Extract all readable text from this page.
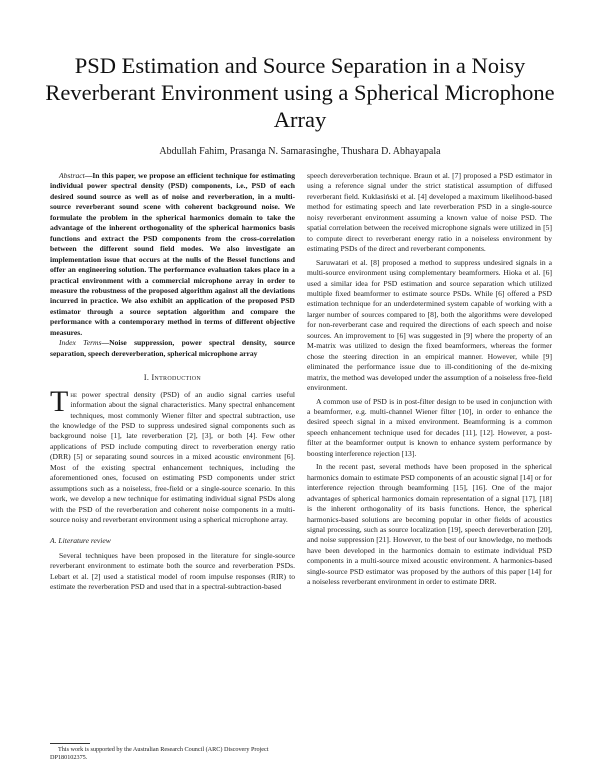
PSD Estimation and Source Separation in a Noisy Reverberant Environment using a Spherical Microphone Array
Abdullah Fahim, Prasanga N. Samarasinghe, Thushara D. Abhayapala

Abstract—In this paper, we propose an efficient technique for estimating individual power spectral density (PSD) components, i.e., PSD of each desired sound source as well as of noise and reverberation, in a multi-source reverberant sound scene with coherent background noise. We formulate the problem in the spherical harmonics domain to take the advantage of the inherent orthogonality of the spherical harmonics basis functions and extract the PSD components from the cross-correlation between the different sound field modes. We also investigate an implementation issue that occurs at the nulls of the Bessel functions and offer an engineering solution. The performance evaluation takes place in a practical environment with a commercial microphone array in order to measure the robustness of the proposed algorithm against all the deviations incurred in practice. We also exhibit an application of the proposed PSD estimator through a source septation algorithm and compare the performance with a contemporary method in terms of different objective measures.

Index Terms—Noise suppression, power spectral density, source separation, speech dereverberation, spherical microphone array

I. Introduction

The power spectral density (PSD) of an audio signal carries useful information about the signal characteristics. Many spectral enhancement techniques, most commonly Wiener filter and spectral subtraction, use the knowledge of the PSD to suppress undesired signal components such as background noise [1], late reverberation [2], [3], or both [4]. Few other applications of PSD include computing direct to reverberation energy ratio (DRR) [5] or separating sound sources in a mixed acoustic environment [6]. Most of the existing spectral enhancement techniques, including the aforementioned ones, focused on estimating PSD components under strict assumptions such as a noiseless, free-field or a single-source scenario. In this work, we develop a new technique for estimating individual signal PSDs along with the PSD of the reverberation and coherent noise components in a multi-source noisy and reverberant environment using a spherical microphone array.

A. Literature review

Several techniques have been proposed in the literature for single-source reverberant environment to estimate both the source and reverberation PSDs. Lebart et al. [2] used a statistical model of room impulse responses (RIR) to estimate the reverberation PSD and used that in a spectral-subtraction-based

speech dereverberation technique. Braun et al. [7] proposed a PSD estimator in using a reference signal under the strict statistical assumption of diffused reverberant field. Kuklasiński et al. [4] developed a maximum likelihood-based method for estimating speech and late reverberation PSD in a single-source noisy reverberant environment assuming a known value of noise PSD. The spatial correlation between the received microphone signals were utilized in [5] to compute direct to reverberant energy ratio in a noiseless environment by estimating PSDs of the direct and reverberant components.

Saruwatari et al. [8] proposed a method to suppress undesired signals in a multi-source environment using complementary beamformers. Hioka et al. [6] used a similar idea for PSD estimation and source separation which utilized multiple fixed beamformer to estimate source PSDs. While [6] offered a PSD estimation technique for an underdetermined system capable of working with a larger number of sources compared to [8], both the algorithms were developed for non-reverberant case and required the directions of each speech and noise sources. An improvement to [6] was suggested in [9] where the property of an M-matrix was utilized to design the fixed beamformers, whereas the former chose the steering direction in an empirical manner. However, while [9] eliminated the performance issue due to ill-conditioning of the de-mixing matrix, the method was developed under the assumption of a noiseless free-field environment.

A common use of PSD is in post-filter design to be used in conjunction with a beamformer, e.g. multi-channel Wiener filter [10], in order to enhance the desired speech signal in a mixed environment. Beamforming is a common speech enhancement technique used for decades [11], [12]. However, a post-filter at the beamformer output is known to enhance system performance by boosting interference rejection [13].

In the recent past, several methods have been proposed in the spherical harmonics domain to estimate PSD components of an acoustic signal [14] or for interference rejection through beamforming [15], [16]. One of the major advantages of spherical harmonics domain representation of a signal [17], [18] is the inherent orthogonality of its basis functions. Hence, the spherical harmonics-based solutions are becoming popular in other fields of acoustics signal processing, such as source localization [19], speech dereverberation [20], and noise suppression [21]. However, to the best of our knowledge, no methods have been developed in the harmonics domain to estimate individual PSD components in a multi-source mixed acoustic environment. A harmonics-based single-source PSD estimator was proposed by the authors of this paper [14] for a noiseless reverberant environment in order to estimate DRR.

This work is supported by the Australian Research Council (ARC) Discovery Project DP180102375.
